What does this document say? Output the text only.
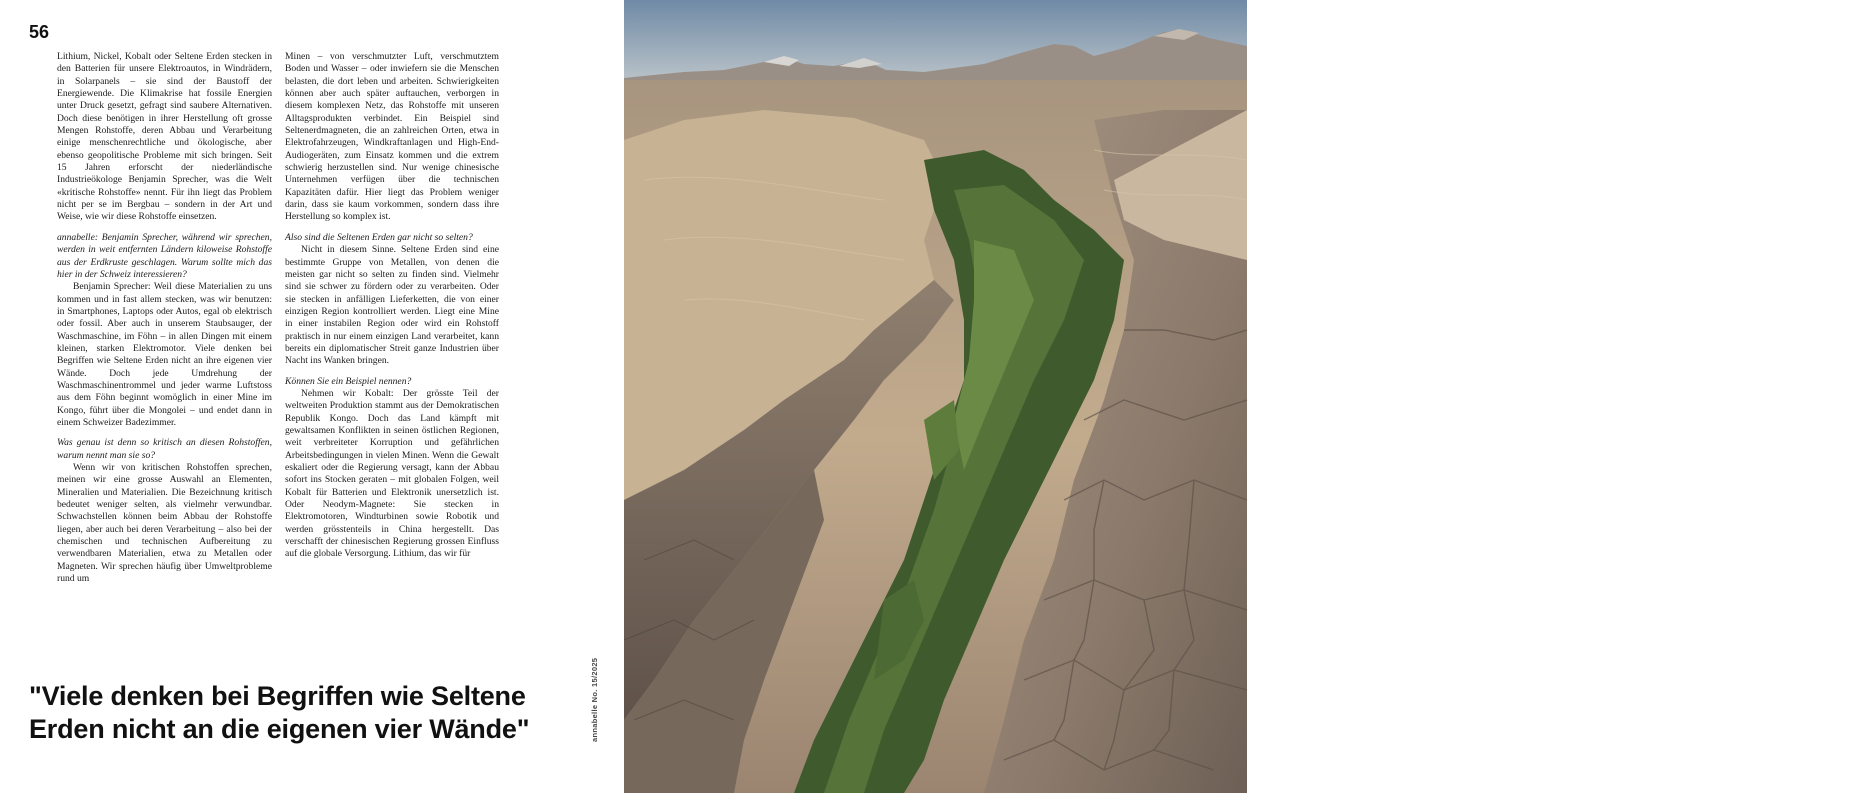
56

Lithium, Nickel, Kobalt oder Seltene Erden stecken in den Batterien für unsere Elektroautos, in Windrädern, in Solarpanels – sie sind der Baustoff der Energiewende. Die Klimakrise hat fossile Energien unter Druck gesetzt, gefragt sind saubere Alternativen. Doch diese benötigen in ihrer Herstellung oft grosse Mengen Rohstoffe, deren Abbau und Verarbeitung einige menschenrechtliche und ökologische, aber ebenso geopolitische Probleme mit sich bringen. Seit 15 Jahren erforscht der niederländische Industrieökologe Benjamin Sprecher, was die Welt «kritische Rohstoffe» nennt. Für ihn liegt das Problem nicht per se im Bergbau – sondern in der Art und Weise, wie wir diese Rohstoffe einsetzen.

annabelle: Benjamin Sprecher, während wir sprechen, werden in weit entfernten Ländern kiloweise Rohstoffe aus der Erdkruste geschlagen. Warum sollte mich das hier in der Schweiz interessieren?

Benjamin Sprecher: Weil diese Materialien zu uns kommen und in fast allem stecken, was wir benutzen: in Smartphones, Laptops oder Autos, egal ob elektrisch oder fossil. Aber auch in unserem Staubsauger, der Waschmaschine, im Föhn – in allen Dingen mit einem kleinen, starken Elektromotor. Viele denken bei Begriffen wie Seltene Erden nicht an ihre eigenen vier Wände. Doch jede Umdrehung der Waschmaschinentrommel und jeder warme Luftstoss aus dem Föhn beginnt womöglich in einer Mine im Kongo, führt über die Mongolei – und endet dann in einem Schweizer Badezimmer.

Was genau ist denn so kritisch an diesen Rohstoffen, warum nennt man sie so?

Wenn wir von kritischen Rohstoffen sprechen, meinen wir eine grosse Auswahl an Elementen, Mineralien und Materialien. Die Bezeichnung kritisch bedeutet weniger selten, als vielmehr verwundbar. Schwachstellen können beim Abbau der Rohstoffe liegen, aber auch bei deren Verarbeitung – also bei der chemischen und technischen Aufbereitung zu verwendbaren Materialien, etwa zu Metallen oder Magneten. Wir sprechen häufig über Umweltprobleme rund um

Minen – von verschmutzter Luft, verschmutztem Boden und Wasser – oder inwiefern sie die Menschen belasten, die dort leben und arbeiten. Schwierigkeiten können aber auch später auftauchen, verborgen in diesem komplexen Netz, das Rohstoffe mit unseren Alltagsprodukten verbindet. Ein Beispiel sind Seltenerdmagneten, die an zahlreichen Orten, etwa in Elektrofahrzeugen, Windkraftanlagen und High-End-Audiogeräten, zum Einsatz kommen und die extrem schwierig herzustellen sind. Nur wenige chinesische Unternehmen verfügen über die technischen Kapazitäten dafür. Hier liegt das Problem weniger darin, dass sie kaum vorkommen, sondern dass ihre Herstellung so komplex ist.

Also sind die Seltenen Erden gar nicht so selten?

Nicht in diesem Sinne. Seltene Erden sind eine bestimmte Gruppe von Metallen, von denen die meisten gar nicht so selten zu finden sind. Vielmehr sind sie schwer zu fördern oder zu verarbeiten. Oder sie stecken in anfälligen Lieferketten, die von einer einzigen Region kontrolliert werden. Liegt eine Mine in einer instabilen Region oder wird ein Rohstoff praktisch in nur einem einzigen Land verarbeitet, kann bereits ein diplomatischer Streit ganze Industrien über Nacht ins Wanken bringen.

Können Sie ein Beispiel nennen?

Nehmen wir Kobalt: Der grösste Teil der weltweiten Produktion stammt aus der Demokratischen Republik Kongo. Doch das Land kämpft mit gewaltsamen Konflikten in seinen östlichen Regionen, weit verbreiteter Korruption und gefährlichen Arbeitsbedingungen in vielen Minen. Wenn die Gewalt eskaliert oder die Regierung versagt, kann der Abbau sofort ins Stocken geraten – mit globalen Folgen, weil Kobalt für Batterien und Elektronik unersetzlich ist. Oder Neodym-Magnete: Sie stecken in Elektromotoren, Windturbinen sowie Robotik und werden grösstenteils in China hergestellt. Das verschafft der chinesischen Regierung grossen Einfluss auf die globale Versorgung. Lithium, das wir für

"Viele denken bei Begriffen wie Seltene Erden nicht an die eigenen vier Wände"	annabelle No. 15/2025
Das sowieso schon knappe Wasser in der Atacama-Region in Chile fliesst vor allem in die Lithiumproduktion: Zurück bleiben ausgetrocknete Gebiete wie etwa die einst fruchtbare Zapar-Schlucht, weshalb viele Einheimische die Gegend verlassen
